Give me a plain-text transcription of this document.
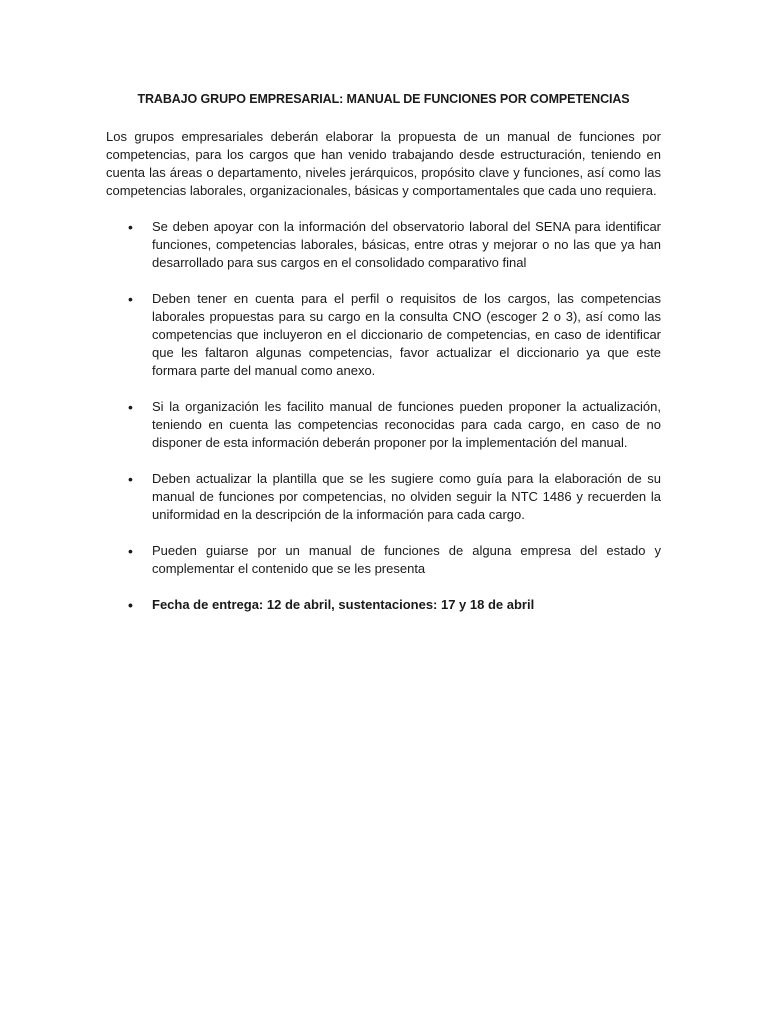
TRABAJO GRUPO EMPRESARIAL: MANUAL DE FUNCIONES POR COMPETENCIAS

Los grupos empresariales deberán elaborar la propuesta de un manual de funciones por competencias, para los cargos que han venido trabajando desde estructuración, teniendo en cuenta las áreas o departamento, niveles jerárquicos, propósito clave y funciones, así como las competencias laborales, organizacionales, básicas y comportamentales que cada uno requiera.

• Se deben apoyar con la información del observatorio laboral del SENA para identificar funciones, competencias laborales, básicas, entre otras y mejorar o no las que ya han desarrollado para sus cargos en el consolidado comparativo final
• Deben tener en cuenta para el perfil o requisitos de los cargos, las competencias laborales propuestas para su cargo en la consulta CNO (escoger 2 o 3), así como las competencias que incluyeron en el diccionario de competencias, en caso de identificar que les faltaron algunas competencias, favor actualizar el diccionario ya que este formara parte del manual como anexo.
• Si la organización les facilito manual de funciones pueden proponer la actualización, teniendo en cuenta las competencias reconocidas para cada cargo, en caso de no disponer de esta información deberán proponer por la implementación del manual.
• Deben actualizar la plantilla que se les sugiere como guía para la elaboración de su manual de funciones por competencias, no olviden seguir la NTC 1486 y recuerden la uniformidad en la descripción de la información para cada cargo.
• Pueden guiarse por un manual de funciones de alguna empresa del estado y complementar el contenido que se les presenta
• Fecha de entrega: 12 de abril, sustentaciones: 17 y 18 de abril
